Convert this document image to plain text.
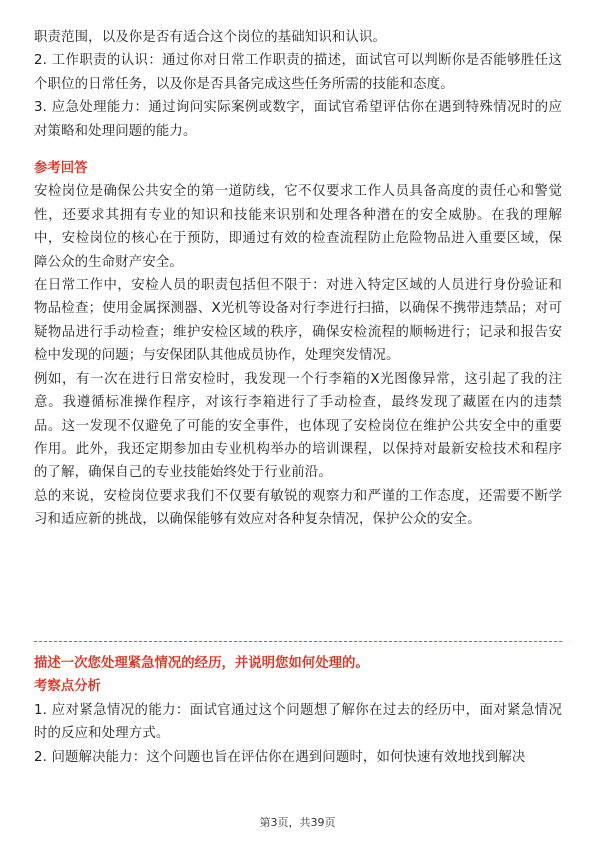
职责范围，以及你是否有适合这个岗位的基础知识和认识。

2. 工作职责的认识：通过你对日常工作职责的描述，面试官可以判断你是否能够胜任这个职位的日常任务，以及你是否具备完成这些任务所需的技能和态度。

3. 应急处理能力：通过询问实际案例或数字，面试官希望评估你在遇到特殊情况时的应对策略和处理问题的能力。

参考回答

安检岗位是确保公共安全的第一道防线，它不仅要求工作人员具备高度的责任心和警觉性，还要求其拥有专业的知识和技能来识别和处理各种潜在的安全威胁。在我的理解中，安检岗位的核心在于预防，即通过有效的检查流程防止危险物品进入重要区域，保障公众的生命财产安全。

在日常工作中，安检人员的职责包括但不限于：对进入特定区域的人员进行身份验证和物品检查；使用金属探测器、X光机等设备对行李进行扫描，以确保不携带违禁品；对可疑物品进行手动检查；维护安检区域的秩序，确保安检流程的顺畅进行；记录和报告安检中发现的问题；与安保团队其他成员协作，处理突发情况。

例如，有一次在进行日常安检时，我发现一个行李箱的X光图像异常，这引起了我的注意。我遵循标准操作程序，对该行李箱进行了手动检查，最终发现了藏匿在内的违禁品。这一发现不仅避免了可能的安全事件，也体现了安检岗位在维护公共安全中的重要作用。此外，我还定期参加由专业机构举办的培训课程，以保持对最新安检技术和程序的了解，确保自己的专业技能始终处于行业前沿。

总的来说，安检岗位要求我们不仅要有敏锐的观察力和严谨的工作态度，还需要不断学习和适应新的挑战，以确保能够有效应对各种复杂情况，保护公众的安全。

描述一次您处理紧急情况的经历，并说明您如何处理的。
考察点分析

1. 应对紧急情况的能力：面试官通过这个问题想了解你在过去的经历中，面对紧急情况时的反应和处理方式。

2. 问题解决能力：这个问题也旨在评估你在遇到问题时，如何快速有效地找到解决

第3页，共39页
